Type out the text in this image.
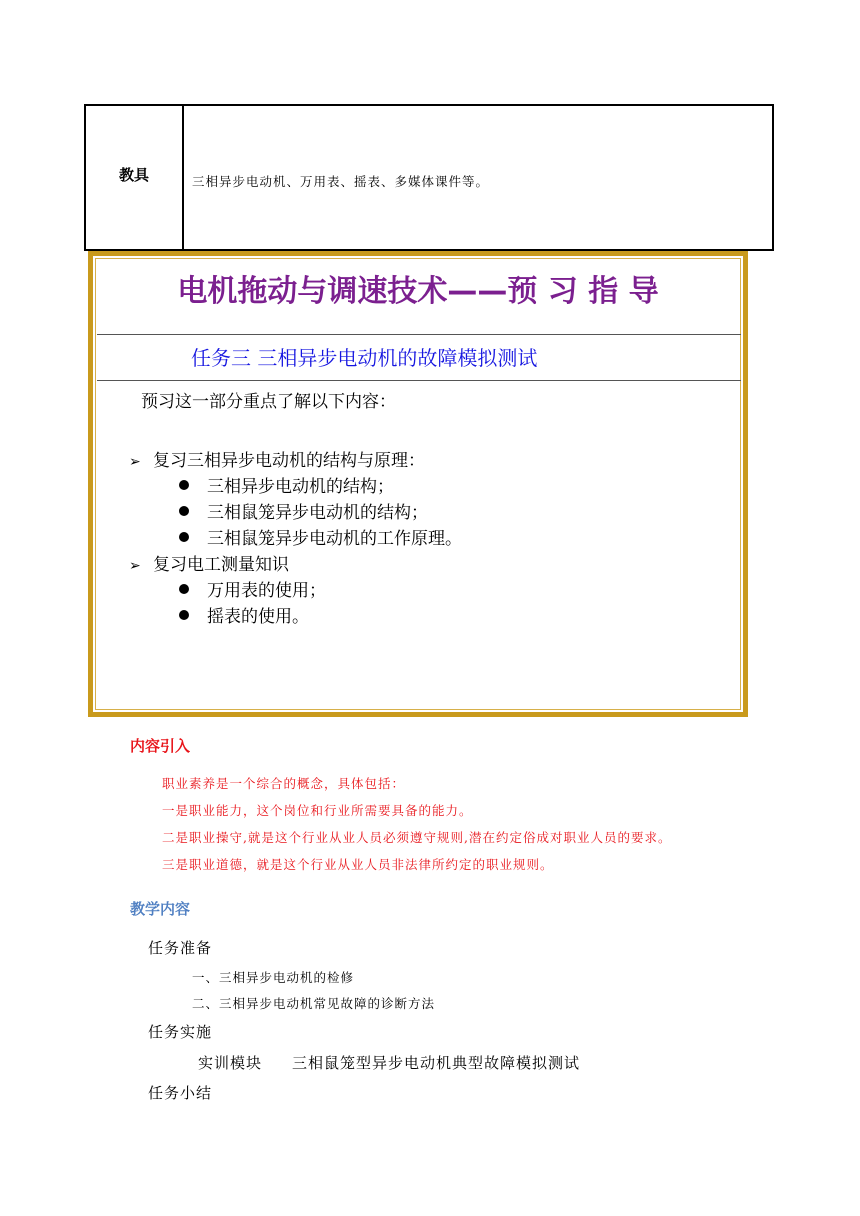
教具	三相异步电动机、万用表、摇表、多媒体课件等。
电机拖动与调速技术——预 习 指 导
任务三 三相异步电动机的故障模拟测试
预习这一部分重点了解以下内容：
➢ 复习三相异步电动机的结构与原理：
三相异步电动机的结构；
三相鼠笼异步电动机的结构；
三相鼠笼异步电动机的工作原理。
➢ 复习电工测量知识
万用表的使用；
摇表的使用。
内容引入
职业素养是一个综合的概念，具体包括：
一是职业能力，这个岗位和行业所需要具备的能力。
二是职业操守,就是这个行业从业人员必须遵守规则,潜在约定俗成对职业人员的要求。
三是职业道德，就是这个行业从业人员非法律所约定的职业规则。
教学内容
任务准备
一、三相异步电动机的检修
二、三相异步电动机常见故障的诊断方法
任务实施
实训模块 三相鼠笼型异步电动机典型故障模拟测试
任务小结
